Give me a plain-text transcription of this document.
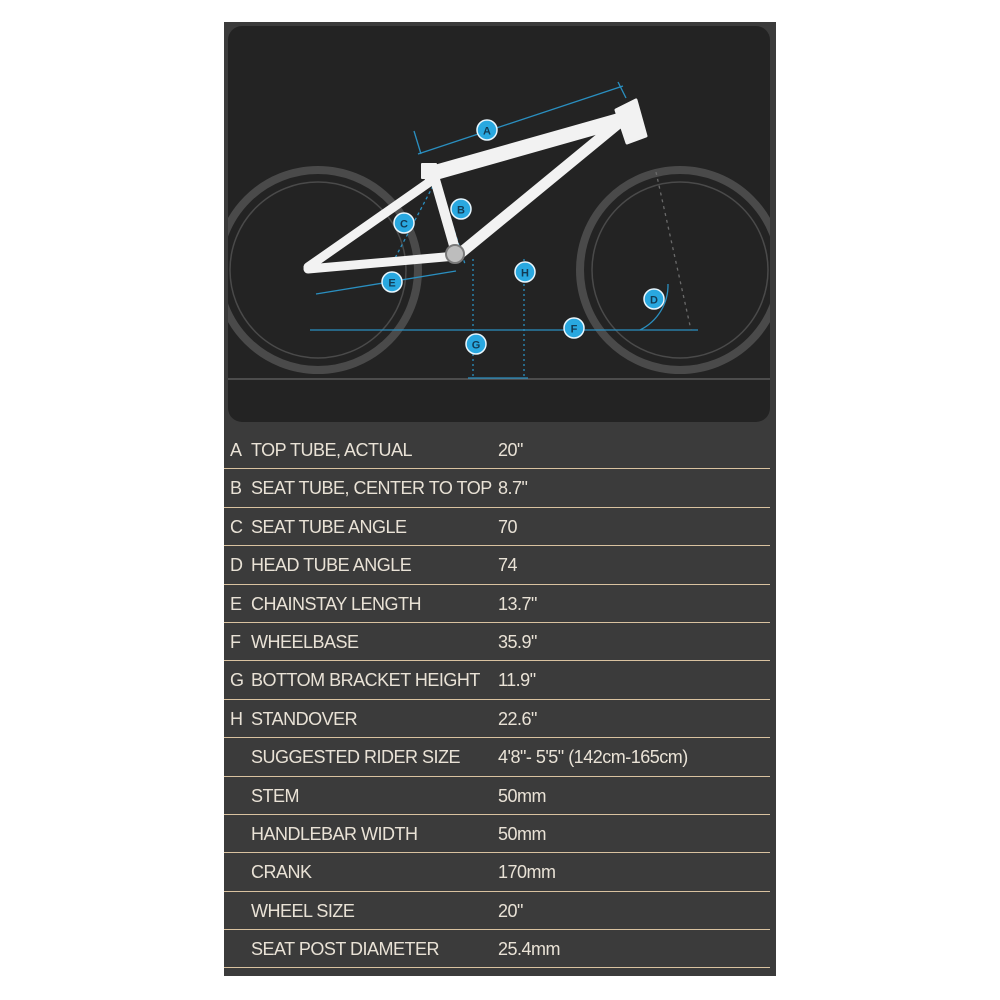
A
B
C
D
E
F
G
H
A TOP TUBE, ACTUAL	20"
B SEAT TUBE, CENTER TO TOP 8.7"
C SEAT TUBE ANGLE	70
D HEAD TUBE ANGLE	74
E CHAINSTAY LENGTH	13.7"
F WHEELBASE	35.9"
G BOTTOM BRACKET HEIGHT 11.9"
H STANDOVER	22.6"
SUGGESTED RIDER SIZE 4'8"- 5'5" (142cm-165cm)
STEM	50mm
HANDLEBAR WIDTH	50mm
CRANK	170mm
WHEEL SIZE	20"
SEAT POST DIAMETER	25.4mm
